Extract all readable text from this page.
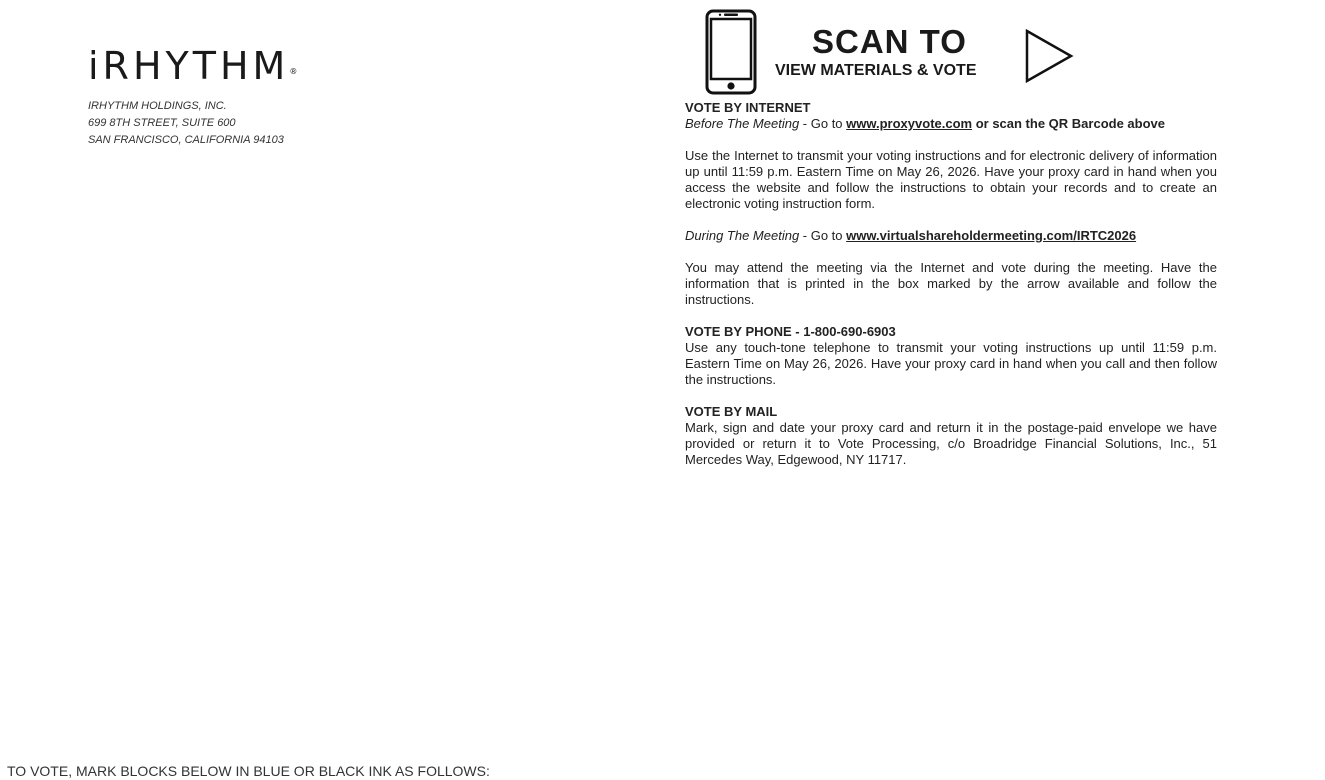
iRHYTHM®
IRHYTHM HOLDINGS, INC.
699 8TH STREET, SUITE 600
SAN FRANCISCO, CALIFORNIA 94103
SCAN TO
VIEW MATERIALS & VOTE
VOTE BY INTERNET

Before The Meeting - Go to www.proxyvote.com or scan the QR Barcode above

Use the Internet to transmit your voting instructions and for electronic delivery of information up until 11:59 p.m. Eastern Time on May 26, 2026. Have your proxy card in hand when you access the website and follow the instructions to obtain your records and to create an electronic voting instruction form.

During The Meeting - Go to www.virtualshareholdermeeting.com/IRTC2026

You may attend the meeting via the Internet and vote during the meeting. Have the information that is printed in the box marked by the arrow available and follow the instructions.

VOTE BY PHONE - 1-800-690-6903

Use any touch-tone telephone to transmit your voting instructions up until 11:59 p.m. Eastern Time on May 26, 2026. Have your proxy card in hand when you call and then follow the instructions.

VOTE BY MAIL

Mark, sign and date your proxy card and return it in the postage-paid envelope we have provided or return it to Vote Processing, c/o Broadridge Financial Solutions, Inc., 51 Mercedes Way, Edgewood, NY 11717.

TO VOTE, MARK BLOCKS BELOW IN BLUE OR BLACK INK AS FOLLOWS:
